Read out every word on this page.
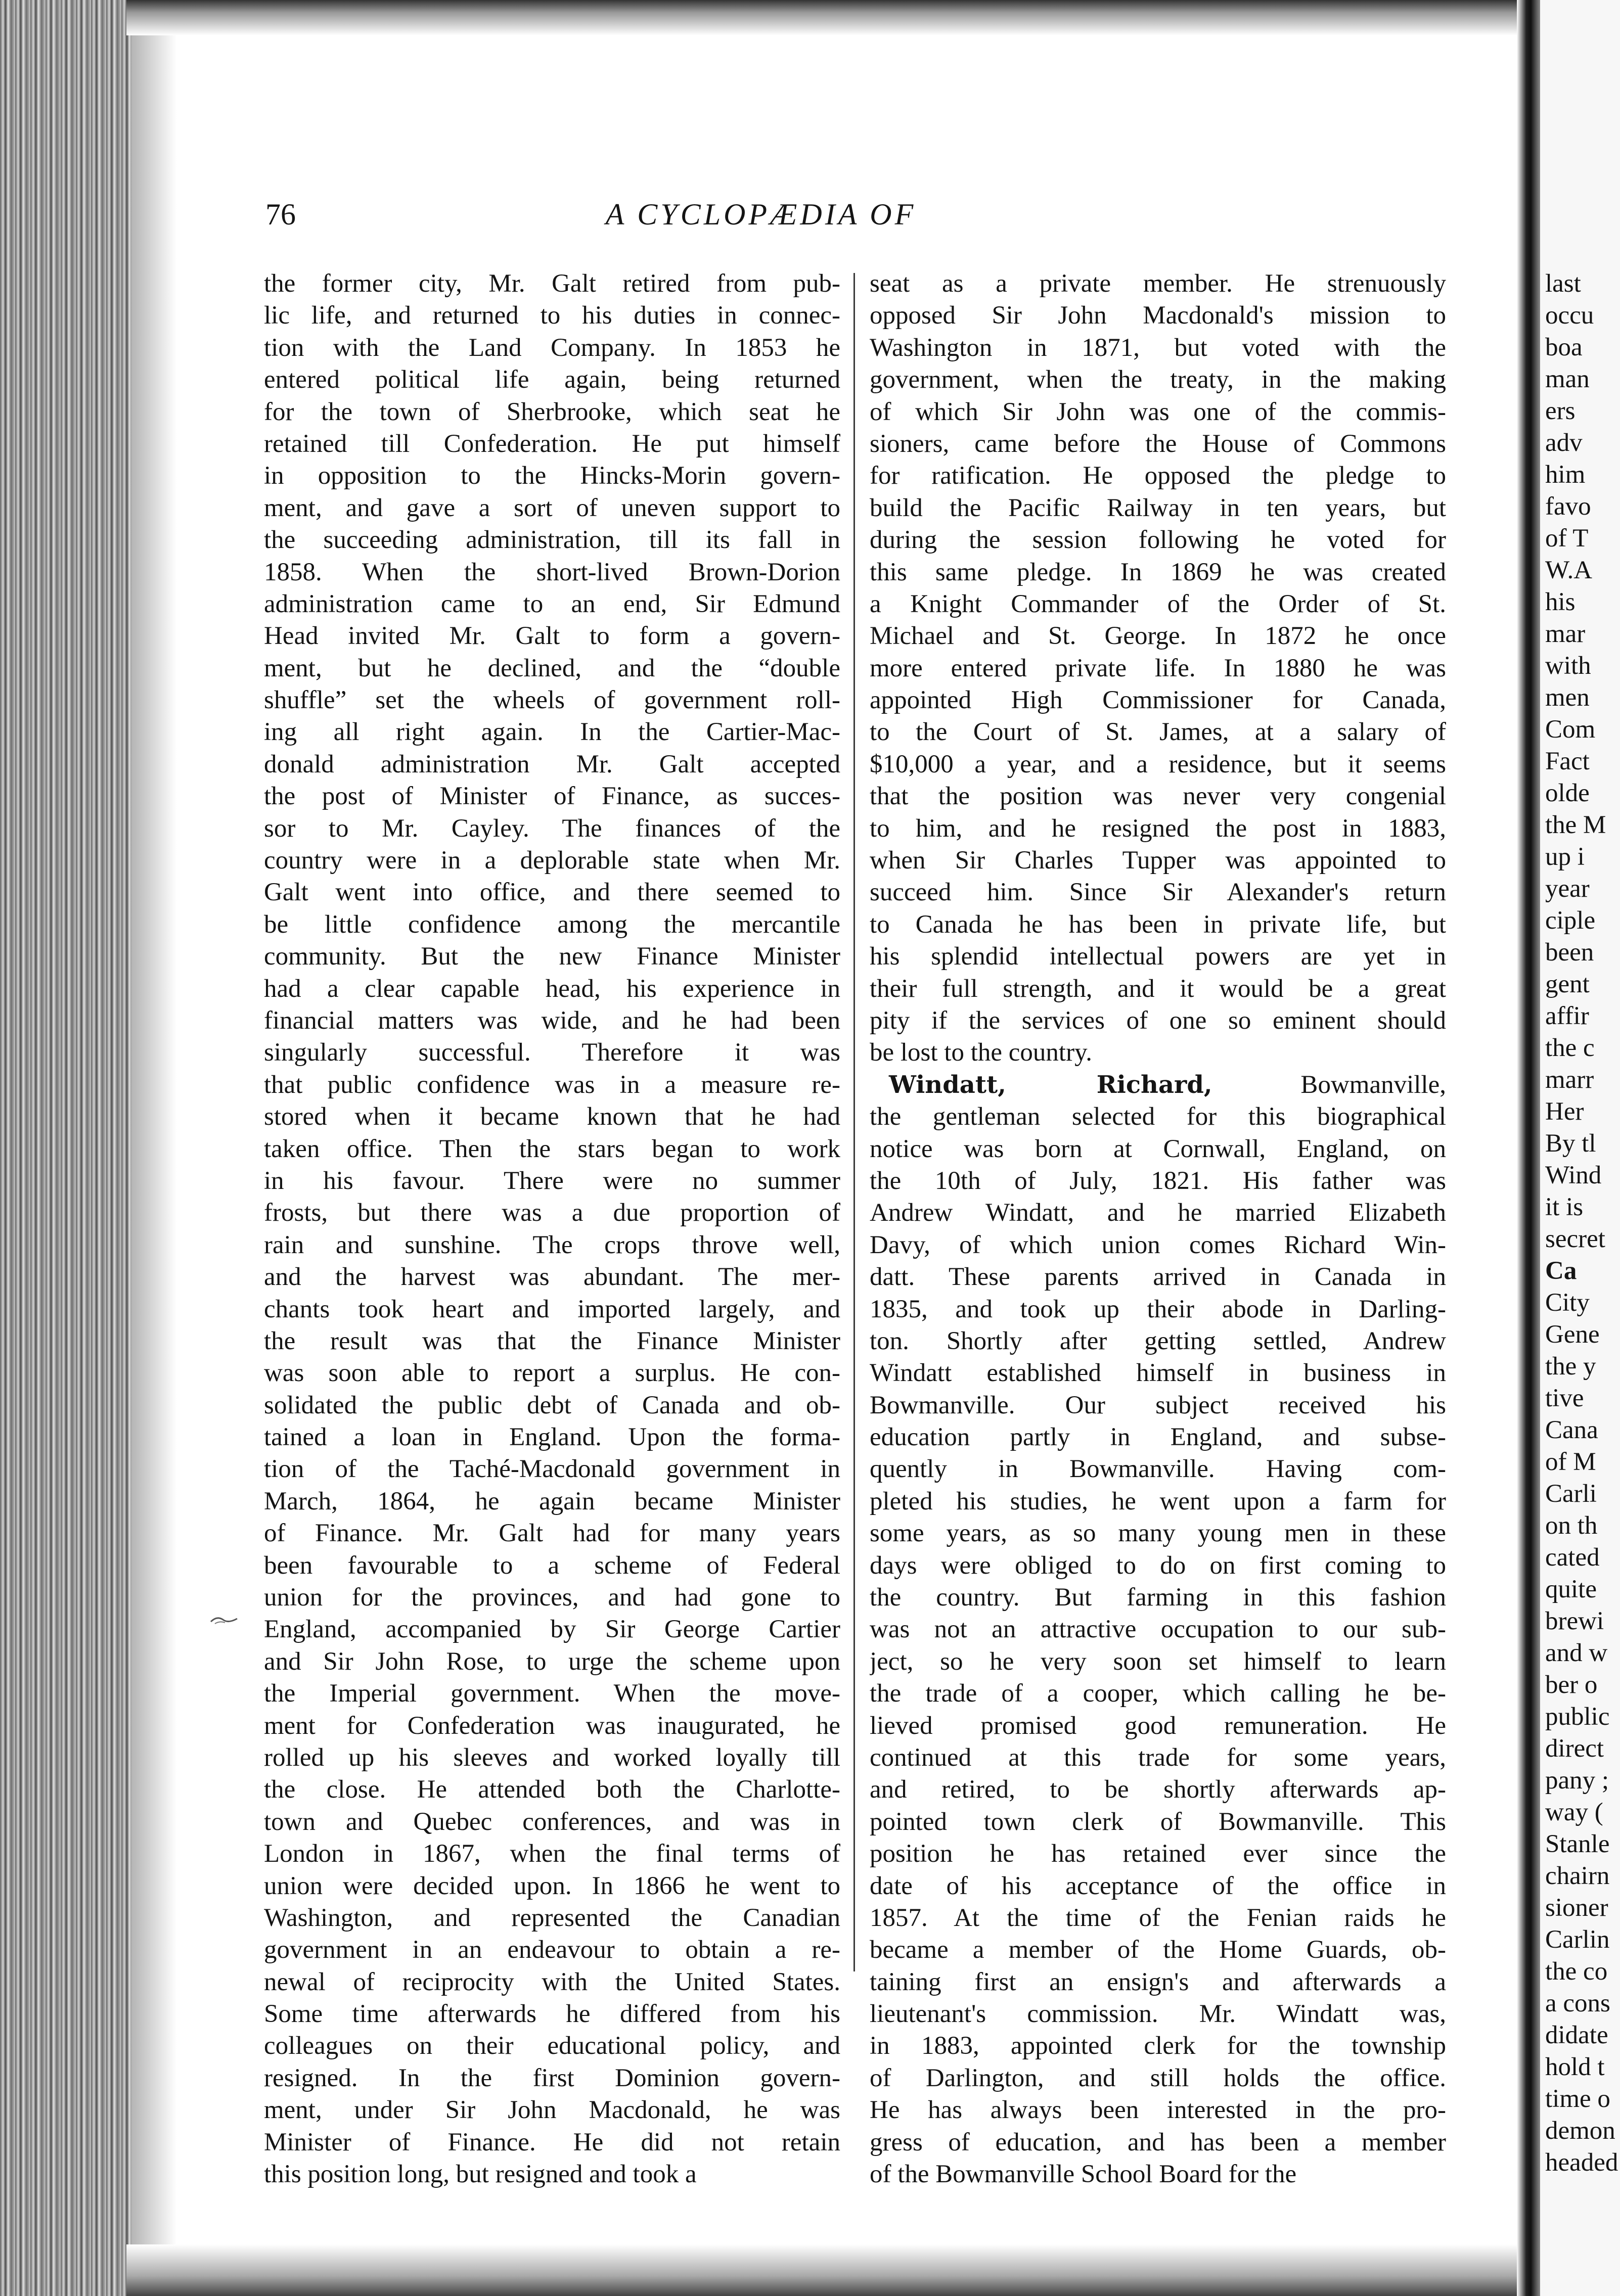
last
occu
boa
man
ers
adv
him
favo
of T
W.A
his
mar
with
men
Com
Fact
olde
the M
up i
year
ciple
been
gent
affir
the c
marr
Her
By tl
Wind
it is
secret
Ca
City
Gene
the y
tive
Cana
of M
Carli
on th
cated
quite
brewi
and w
ber o
public
direct
pany ;
way (
Stanle
chairn
sioner
Carlin
the co
a cons
didate
hold t
time o
demon
headed
76	A CYCLOPÆDIA OF
the former city, Mr. Galt retired from pub-
lic life, and returned to his duties in connec-
tion with the Land Company. In 1853 he
entered political life again, being returned
for the town of Sherbrooke, which seat he
retained till Confederation. He put himself
in opposition to the Hincks-Morin govern-
ment, and gave a sort of uneven support to
the succeeding administration, till its fall in
1858. When the short-lived Brown-Dorion
administration came to an end, Sir Edmund
Head invited Mr. Galt to form a govern-
ment, but he declined, and the “double
shuffle” set the wheels of government roll-
ing all right again. In the Cartier-Mac-
donald administration Mr. Galt accepted
the post of Minister of Finance, as succes-
sor to Mr. Cayley. The finances of the
country were in a deplorable state when Mr.
Galt went into office, and there seemed to
be little confidence among the mercantile
community. But the new Finance Minister
had a clear capable head, his experience in
financial matters was wide, and he had been
singularly successful. Therefore it was
that public confidence was in a measure re-
stored when it became known that he had
taken office. Then the stars began to work
in his favour. There were no summer
frosts, but there was a due proportion of
rain and sunshine. The crops throve well,
and the harvest was abundant. The mer-
chants took heart and imported largely, and
the result was that the Finance Minister
was soon able to report a surplus. He con-
solidated the public debt of Canada and ob-
tained a loan in England. Upon the forma-
tion of the Taché-Macdonald government in
March, 1864, he again became Minister
of Finance. Mr. Galt had for many years
been favourable to a scheme of Federal
union for the provinces, and had gone to
England, accompanied by Sir George Cartier
and Sir John Rose, to urge the scheme upon
the Imperial government. When the move-
ment for Confederation was inaugurated, he
rolled up his sleeves and worked loyally till
the close. He attended both the Charlotte-
town and Quebec conferences, and was in
London in 1867, when the final terms of
union were decided upon. In 1866 he went to
Washington, and represented the Canadian
government in an endeavour to obtain a re-
newal of reciprocity with the United States.
Some time afterwards he differed from his
colleagues on their educational policy, and
resigned. In the first Dominion govern-
ment, under Sir John Macdonald, he was
Minister of Finance. He did not retain
this position long, but resigned and took a
seat as a private member. He strenuously
opposed Sir John Macdonald's mission to
Washington in 1871, but voted with the
government, when the treaty, in the making
of which Sir John was one of the commis-
sioners, came before the House of Commons
for ratification. He opposed the pledge to
build the Pacific Railway in ten years, but
during the session following he voted for
this same pledge. In 1869 he was created
a Knight Commander of the Order of St.
Michael and St. George. In 1872 he once
more entered private life. In 1880 he was
appointed High Commissioner for Canada,
to the Court of St. James, at a salary of
$10,000 a year, and a residence, but it seems
that the position was never very congenial
to him, and he resigned the post in 1883,
when Sir Charles Tupper was appointed to
succeed him. Since Sir Alexander's return
to Canada he has been in private life, but
his splendid intellectual powers are yet in
their full strength, and it would be a great
pity if the services of one so eminent should
be lost to the country.
Windatt, Richard, Bowmanville,
the gentleman selected for this biographical
notice was born at Cornwall, England, on
the 10th of July, 1821. His father was
Andrew Windatt, and he married Elizabeth
Davy, of which union comes Richard Win-
datt. These parents arrived in Canada in
1835, and took up their abode in Darling-
ton. Shortly after getting settled, Andrew
Windatt established himself in business in
Bowmanville. Our subject received his
education partly in England, and subse-
quently in Bowmanville. Having com-
pleted his studies, he went upon a farm for
some years, as so many young men in these
days were obliged to do on first coming to
the country. But farming in this fashion
was not an attractive occupation to our sub-
ject, so he very soon set himself to learn
the trade of a cooper, which calling he be-
lieved promised good remuneration. He
continued at this trade for some years,
and retired, to be shortly afterwards ap-
pointed town clerk of Bowmanville. This
position he has retained ever since the
date of his acceptance of the office in
1857. At the time of the Fenian raids he
became a member of the Home Guards, ob-
taining first an ensign's and afterwards a
lieutenant's commission. Mr. Windatt was,
in 1883, appointed clerk for the township
of Darlington, and still holds the office.
He has always been interested in the pro-
gress of education, and has been a member
of the Bowmanville School Board for the
